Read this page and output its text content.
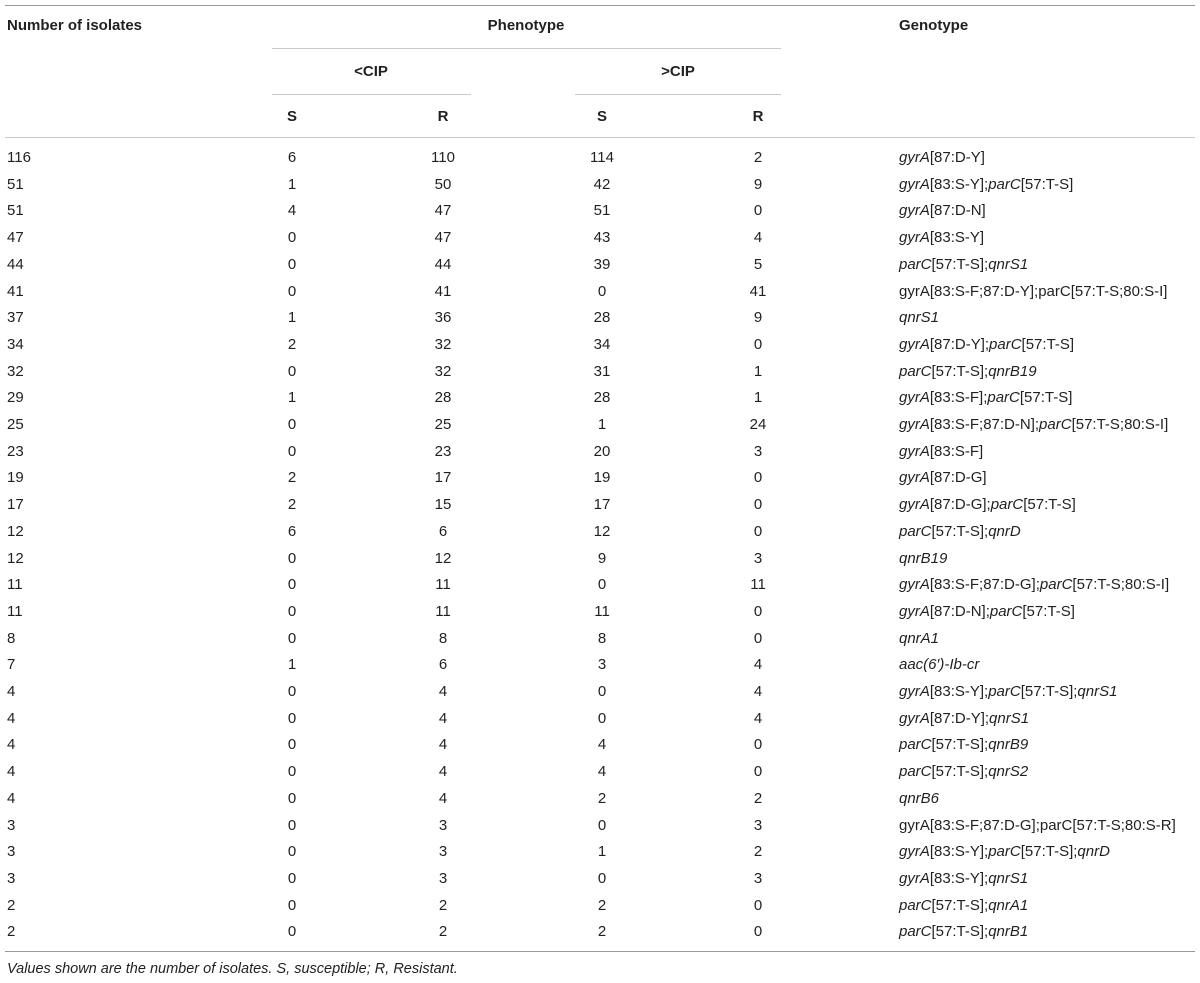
Number of isolates	Phenotype	Genotype
<CIP	>CIP
S	R	S	R
116	6	110	114	2	gyrA[87:D-Y]
51	1	50	42	9	gyrA[83:S-Y];parC[57:T-S]
51	4	47	51	0	gyrA[87:D-N]
47	0	47	43	4	gyrA[83:S-Y]
44	0	44	39	5	parC[57:T-S];qnrS1
41	0	41	0	41	gyrA[83:S-F;87:D-Y];parC[57:T-S;80:S-I]
37	1	36	28	9	qnrS1
34	2	32	34	0	gyrA[87:D-Y];parC[57:T-S]
32	0	32	31	1	parC[57:T-S];qnrB19
29	1	28	28	1	gyrA[83:S-F];parC[57:T-S]
25	0	25	1	24	gyrA[83:S-F;87:D-N];parC[57:T-S;80:S-I]
23	0	23	20	3	gyrA[83:S-F]
19	2	17	19	0	gyrA[87:D-G]
17	2	15	17	0	gyrA[87:D-G];parC[57:T-S]
12	6	6	12	0	parC[57:T-S];qnrD
12	0	12	9	3	qnrB19
11	0	11	0	11	gyrA[83:S-F;87:D-G];parC[57:T-S;80:S-I]
11	0	11	11	0	gyrA[87:D-N];parC[57:T-S]
8	0	8	8	0	qnrA1
7	1	6	3	4	aac(6′)-Ib-cr
4	0	4	0	4	gyrA[83:S-Y];parC[57:T-S];qnrS1
4	0	4	0	4	gyrA[87:D-Y];qnrS1
4	0	4	4	0	parC[57:T-S];qnrB9
4	0	4	4	0	parC[57:T-S];qnrS2
4	0	4	2	2	qnrB6
3	0	3	0	3	gyrA[83:S-F;87:D-G];parC[57:T-S;80:S-R]
3	0	3	1	2	gyrA[83:S-Y];parC[57:T-S];qnrD
3	0	3	0	3	gyrA[83:S-Y];qnrS1
2	0	2	2	0	parC[57:T-S];qnrA1
2	0	2	2	0	parC[57:T-S];qnrB1
Values shown are the number of isolates. S, susceptible; R, Resistant.
